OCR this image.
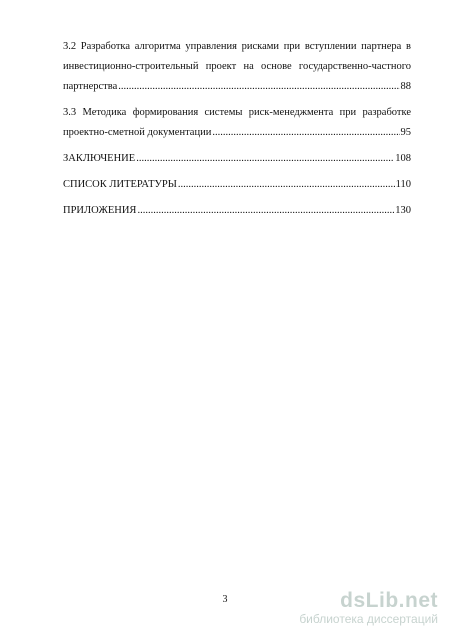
3.2 Разработка алгоритма управления рисками при вступлении партнера в
инвестиционно-строительный проект на основе государственно-частного
партнерства .....	88
3.3 Методика формирования системы риск-менеджмента при разработке
проектно-сметной документации .....	95
ЗАКЛЮЧЕНИЕ .....	108
СПИСОК ЛИТЕРАТУРЫ .....	110
ПРИЛОЖЕНИЯ .....	130
3	dsLib.net
библиотека диссертаций
